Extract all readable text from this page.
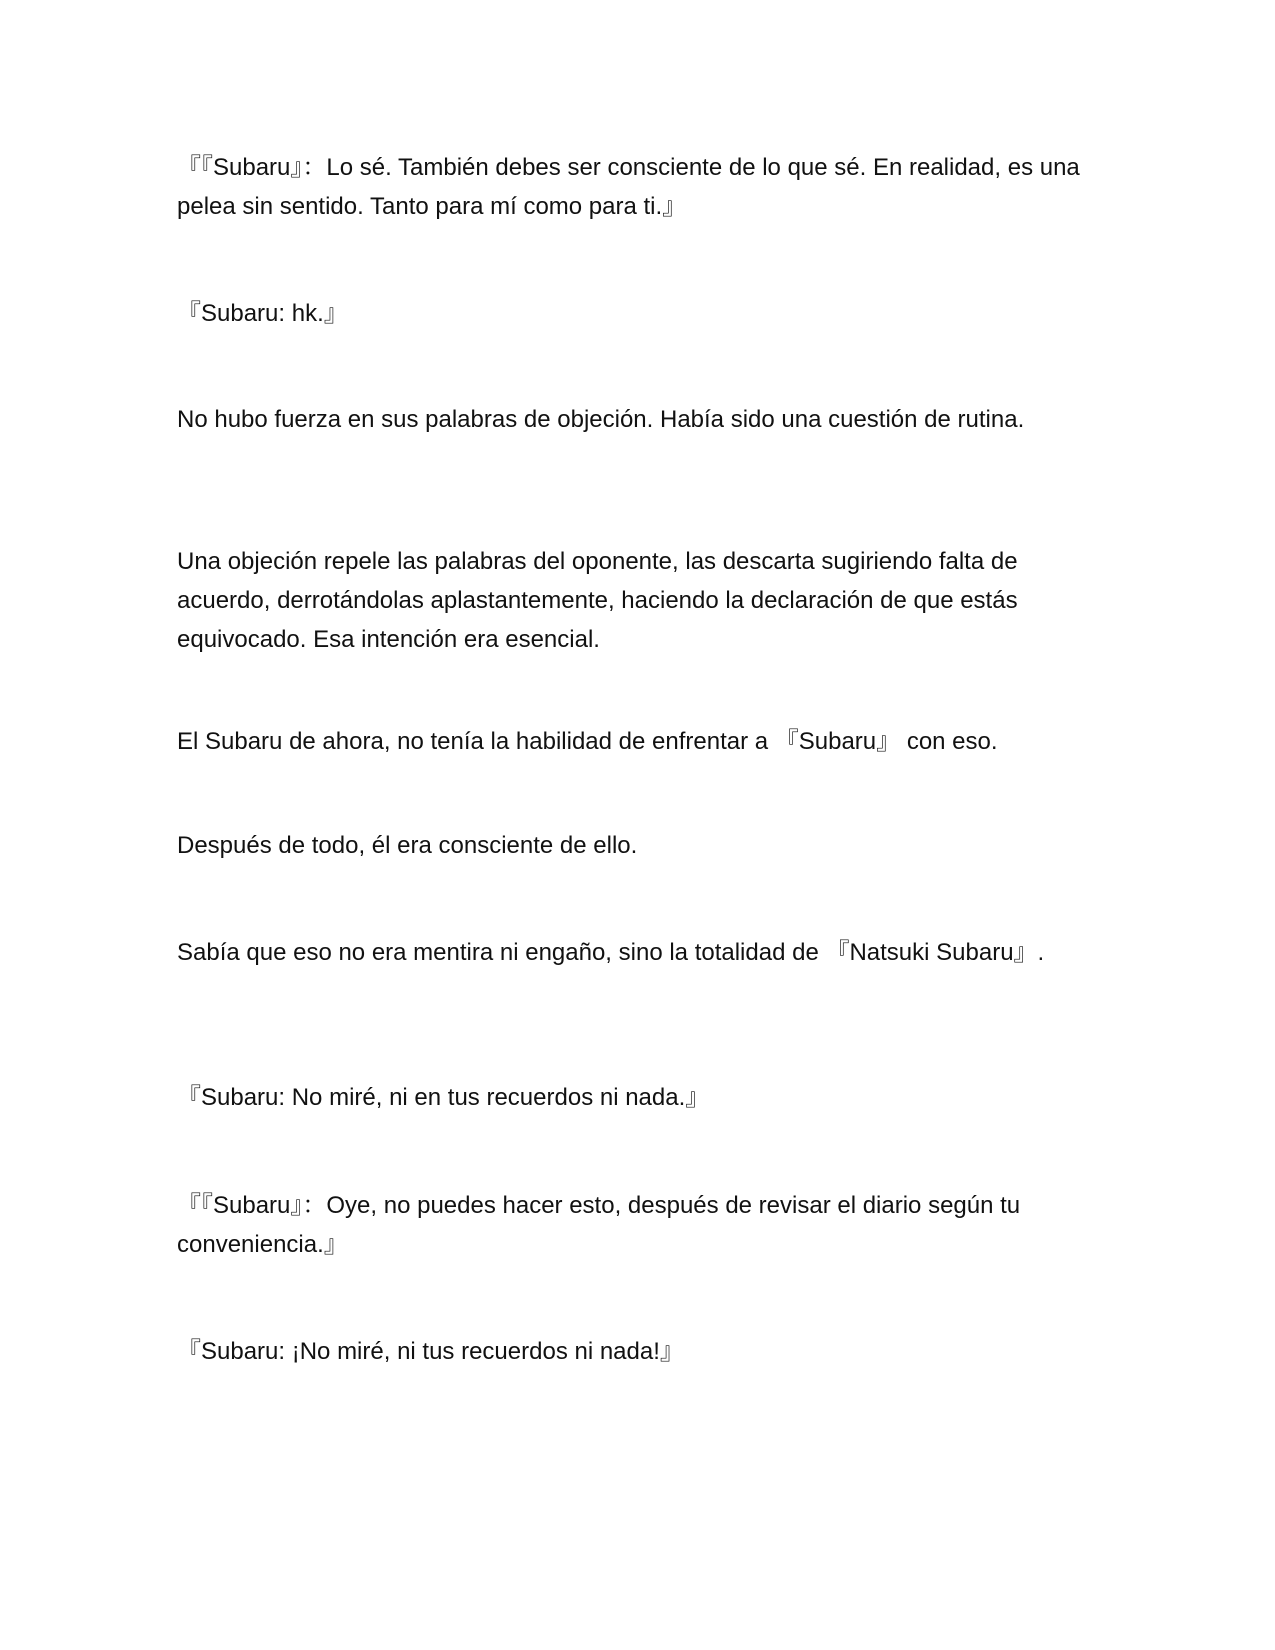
『『Subaru』：Lo sé. También debes ser consciente de lo que sé. En realidad, es una pelea sin sentido. Tanto para mí como para ti.』

『Subaru: hk.』

No hubo fuerza en sus palabras de objeción. Había sido una cuestión de rutina.

Una objeción repele las palabras del oponente, las descarta sugiriendo falta de acuerdo, derrotándolas aplastantemente, haciendo la declaración de que estás equivocado. Esa intención era esencial.

El Subaru de ahora, no tenía la habilidad de enfrentar a 『Subaru』 con eso.

Después de todo, él era consciente de ello.

Sabía que eso no era mentira ni engaño, sino la totalidad de 『Natsuki Subaru』.

『Subaru: No miré, ni en tus recuerdos ni nada.』

『『Subaru』：Oye, no puedes hacer esto, después de revisar el diario según tu conveniencia.』

『Subaru: ¡No miré, ni tus recuerdos ni nada!』
